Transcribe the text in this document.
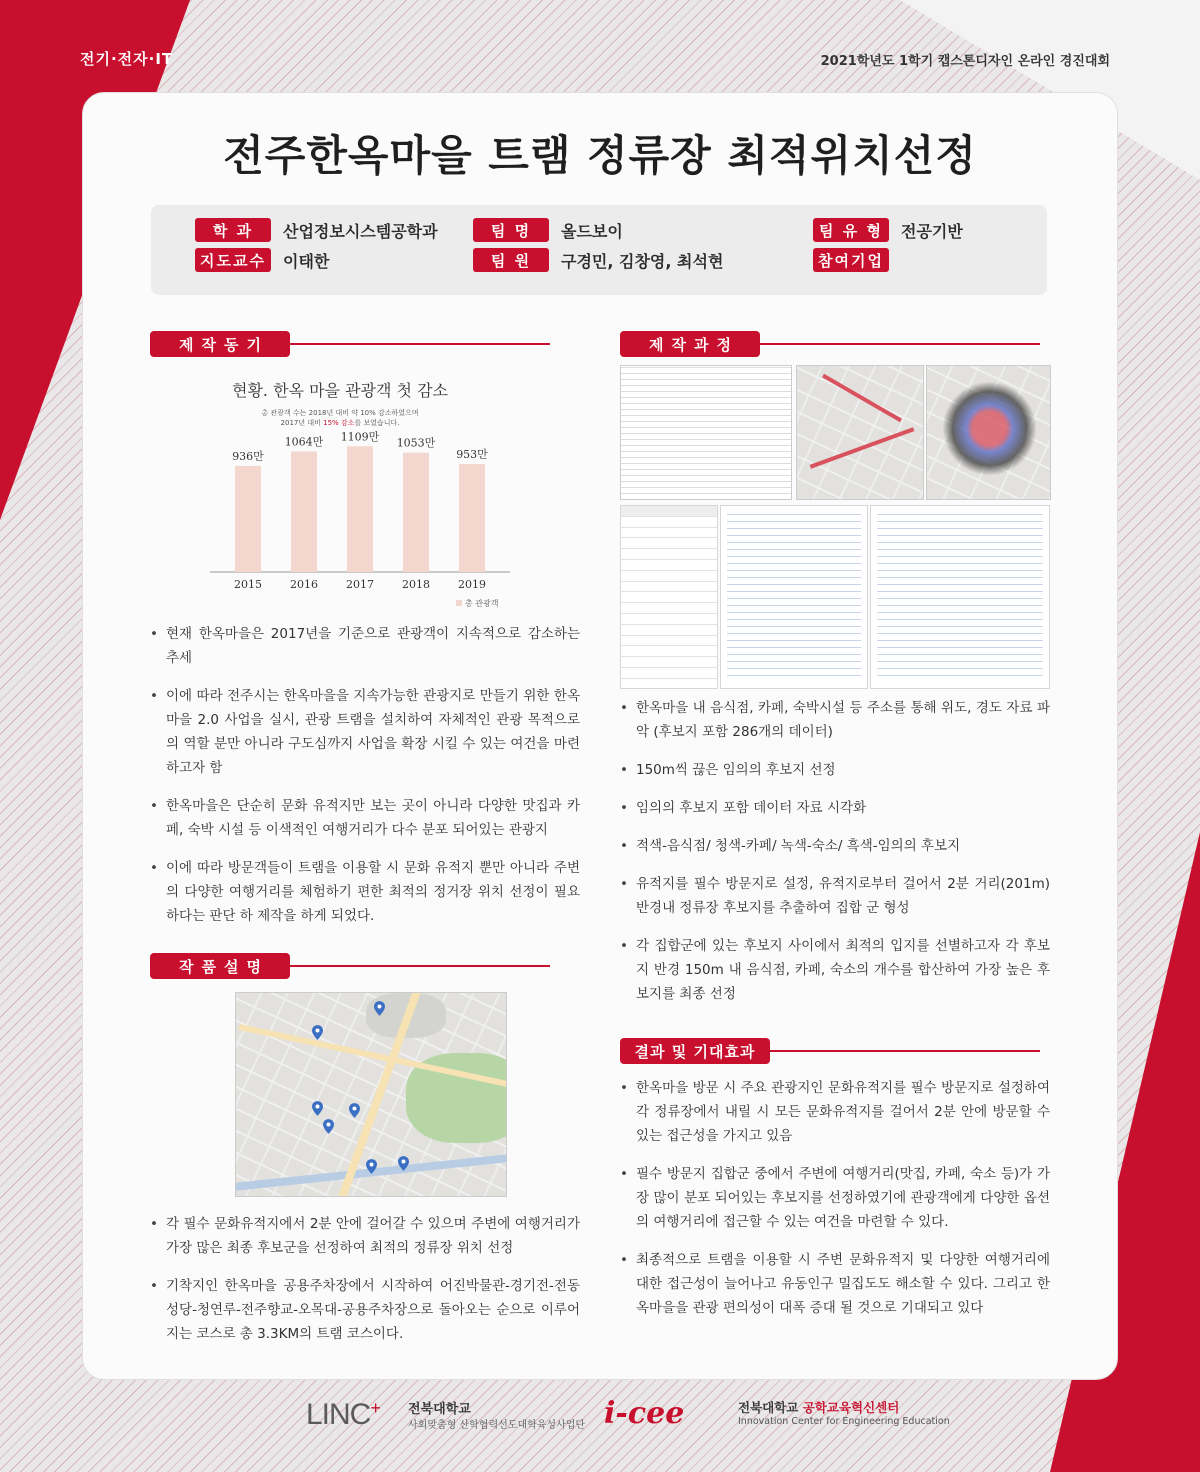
전기·전자·IT	2021학년도 1학기 캡스톤디자인 온라인 경진대회
전주한옥마을 트램 정류장 최적위치선정
학 과	산업정보시스템공학과
지도교수	이태한
팀 명	올드보이
팀 원	구경민, 김창영, 최석현
팀 유 형	전공기반
참여기업
제작동기
현황. 한옥 마을 관광객 첫 감소
총 관광객 수는 2018년 대비 약 10% 감소하였으며
2017년 대비 15% 감소를 보였습니다.
936만
2015
1064만
2016
1109만
2017
1053만
2018
953만
2019
총 관광객
• 현재 한옥마을은 2017년을 기준으로 관광객이 지속적으로 감소하는 추세
• 이에 따라 전주시는 한옥마을을 지속가능한 관광지로 만들기 위한 한옥마을 2.0 사업을 실시, 관광 트램을 설치하여 자체적인 관광 목적으로의 역할 분만 아니라 구도심까지 사업을 확장 시킬 수 있는 여건을 마련하고자 함
• 한옥마을은 단순히 문화 유적지만 보는 곳이 아니라 다양한 맛집과 카페, 숙박 시설 등 이색적인 여행거리가 다수 분포 되어있는 관광지
• 이에 따라 방문객들이 트램을 이용할 시 문화 유적지 뿐만 아니라 주변의 다양한 여행거리를 체험하기 편한 최적의 정거장 위치 선정이 필요하다는 판단 하 제작을 하게 되었다.
작품설명
• 각 필수 문화유적지에서 2분 안에 걸어갈 수 있으며 주변에 여행거리가 가장 많은 최종 후보군을 선정하여 최적의 정류장 위치 선정
• 기착지인 한옥마을 공용주차장에서 시작하여 어진박물관-경기전-전동성당-청연루-전주향교-오목대-공용주차장으로 돌아오는 순으로 이루어지는 코스로 총 3.3KM의 트램 코스이다.
제작과정
• 한옥마을 내 음식점, 카페, 숙박시설 등 주소를 통해 위도, 경도 자료 파악 (후보지 포함 286개의 데이터)
• 150m씩 끊은 임의의 후보지 선정
• 임의의 후보지 포함 데이터 자료 시각화
• 적색-음식점/ 청색-카페/ 녹색-숙소/ 흑색-임의의 후보지
• 유적지를 필수 방문지로 설정, 유적지로부터 걸어서 2분 거리(201m) 반경내 정류장 후보지를 추출하여 집합 군 형성
• 각 집합군에 있는 후보지 사이에서 최적의 입지를 선별하고자 각 후보지 반경 150m 내 음식점, 카페, 숙소의 개수를 합산하여 가장 높은 후보지를 최종 선정
결과 및 기대효과
• 한옥마을 방문 시 주요 관광지인 문화유적지를 필수 방문지로 설정하여 각 정류장에서 내릴 시 모든 문화유적지를 걸어서 2분 안에 방문할 수 있는 접근성을 가지고 있음
• 필수 방문지 집합군 중에서 주변에 여행거리(맛집, 카페, 숙소 등)가 가장 많이 분포 되어있는 후보지를 선정하였기에 관광객에게 다양한 옵션의 여행거리에 접근할 수 있는 여건을 마련할 수 있다.
• 최종적으로 트램을 이용할 시 주변 문화유적지 및 다양한 여행거리에 대한 접근성이 늘어나고 유동인구 밀집도도 해소할 수 있다. 그리고 한옥마을을 관광 편의성이 대폭 증대 될 것으로 기대되고 있다
LINC+ 전북대학교
사회맞춤형 산학협력선도대학육성사업단 i-cee	전북대학교 공학교육혁신센터
Innovation Center for Engineering Education
